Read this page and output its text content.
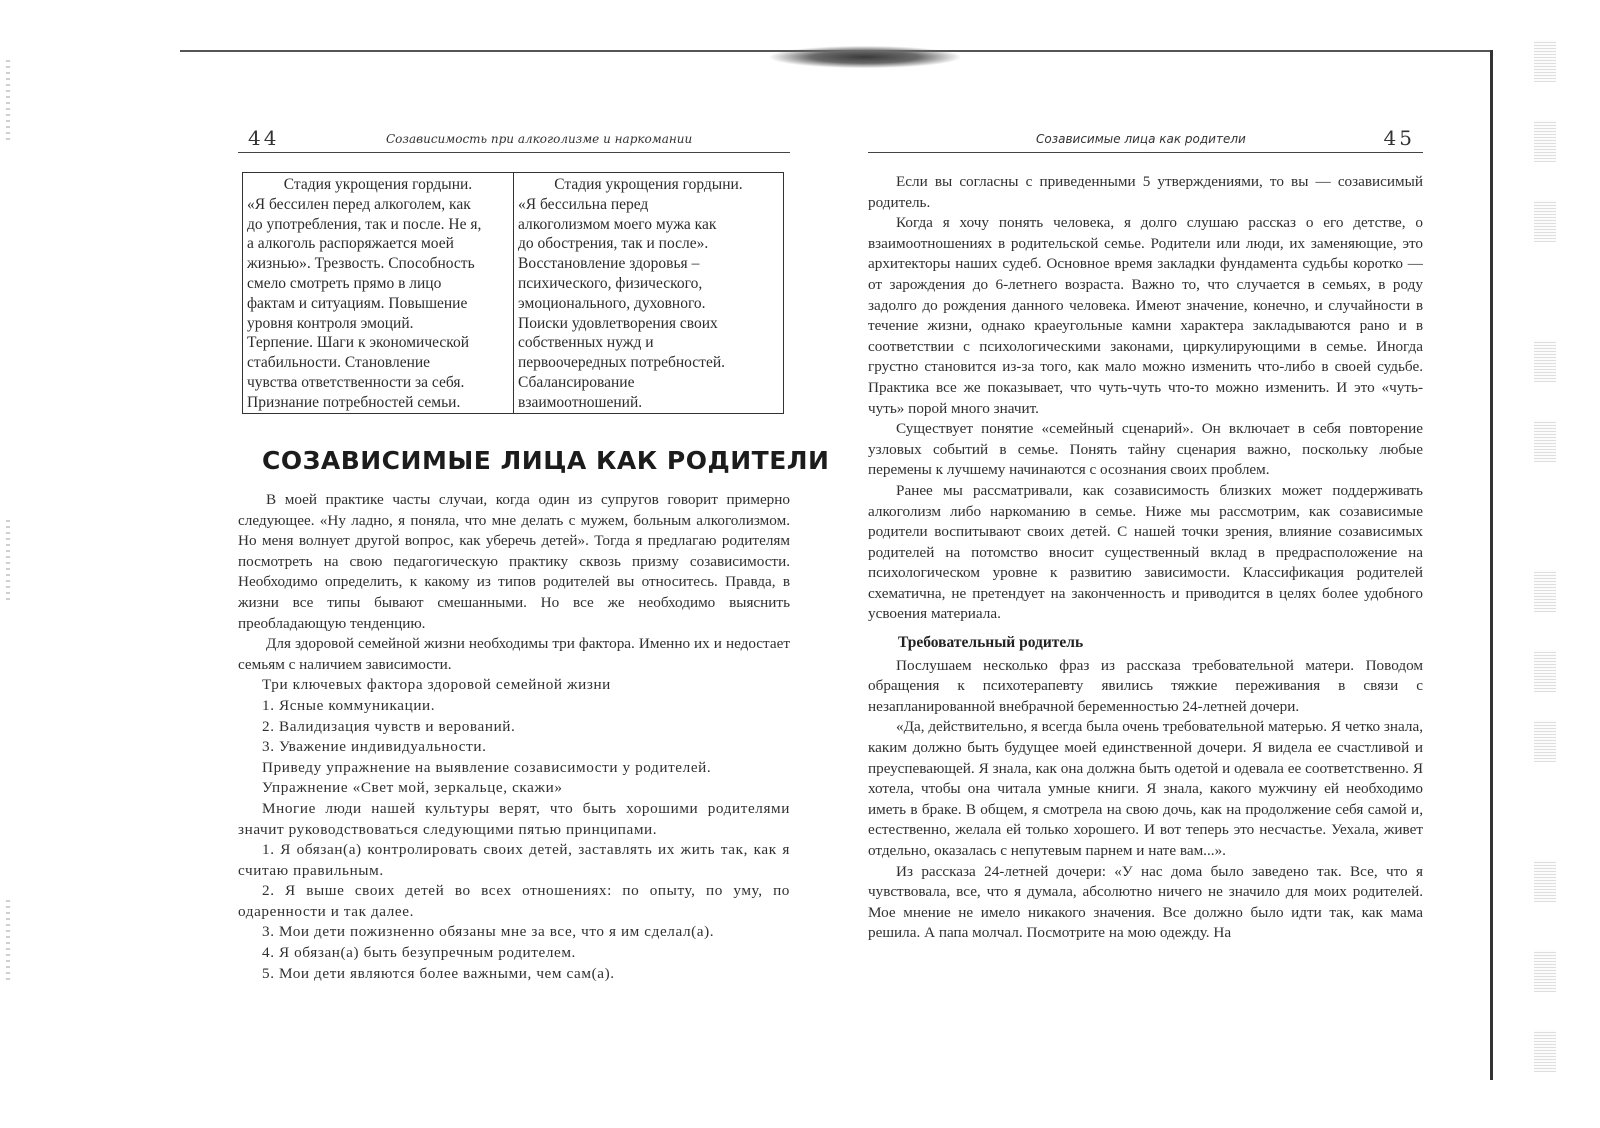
44	Созависимость при алкоголизме и наркомании
Стадия укрощения гордыни.
«Я бессилен перед алкоголем, как
до употребления, так и после. Не я,
а алкоголь распоряжается моей
жизнью». Трезвость. Способность
смело смотреть прямо в лицо
фактам и ситуациям. Повышение
уровня контроля эмоций.
Терпение. Шаги к экономической
стабильности. Становление
чувства ответственности за себя.
Признание потребностей семьи.
Стадия укрощения гордыни.
«Я бессильна перед
алкоголизмом моего мужа как
до обострения, так и после».
Восстановление здоровья –
психического, физического,
эмоционального, духовного.
Поиски удовлетворения своих
собственных нужд и
первоочередных потребностей.
Сбалансирование
взаимоотношений.
СОЗАВИСИМЫЕ ЛИЦА КАК РОДИТЕЛИ

В моей практике часты случаи, когда один из супругов говорит примерно следующее. «Ну ладно, я поняла, что мне делать с мужем, больным алкоголизмом. Но меня волнует другой вопрос, как уберечь детей». Тогда я предлагаю родителям посмотреть на свою педагогическую практику сквозь призму созависимости. Необходимо определить, к какому из типов родителей вы относитесь. Правда, в жизни все типы бывают смешанными. Но все же необходимо выяснить преобладающую тенденцию.

Для здоровой семейной жизни необходимы три фактора. Именно их и недостает семьям с наличием зависимости.

Три ключевых фактора здоровой семейной жизни

1. Ясные коммуникации.

2. Валидизация чувств и верований.

3. Уважение индивидуальности.

Приведу упражнение на выявление созависимости у родителей.

Упражнение «Свет мой, зеркальце, скажи»

Многие люди нашей культуры верят, что быть хорошими родителями значит руководствоваться следующими пятью принципами.

1. Я обязан(а) контролировать своих детей, заставлять их жить так, как я считаю правильным.

2. Я выше своих детей во всех отношениях: по опыту, по уму, по одаренности и так далее.

3. Мои дети пожизненно обязаны мне за все, что я им сделал(а).

4. Я обязан(а) быть безупречным родителем.

5. Мои дети являются более важными, чем сам(а).

Созависимые лица как родители	45

Если вы согласны с приведенными 5 утверждениями, то вы — созависимый родитель.

Когда я хочу понять человека, я долго слушаю рассказ о его детстве, о взаимоотношениях в родительской семье. Родители или люди, их заменяющие, это архитекторы наших судеб. Основное время закладки фундамента судьбы коротко — от зарождения до 6-летнего возраста. Важно то, что случается в семьях, в роду задолго до рождения данного человека. Имеют значение, конечно, и случайности в течение жизни, однако краеугольные камни характера закладываются рано и в соответствии с психологическими законами, циркулирующими в семье. Иногда грустно становится из-за того, как мало можно изменить что-либо в своей судьбе. Практика все же показывает, что чуть-чуть что-то можно изменить. И это «чуть-чуть» порой много значит.

Существует понятие «семейный сценарий». Он включает в себя повторение узловых событий в семье. Понять тайну сценария важно, поскольку любые перемены к лучшему начинаются с осознания своих проблем.

Ранее мы рассматривали, как созависимость близких может поддерживать алкоголизм либо наркоманию в семье. Ниже мы рассмотрим, как созависимые родители воспитывают своих детей. С нашей точки зрения, влияние созависимых родителей на потомство вносит существенный вклад в предрасположение на психологическом уровне к развитию зависимости. Классификация родителей схематична, не претендует на законченность и приводится в целях более удобного усвоения материала.

Требовательный родитель

Послушаем несколько фраз из рассказа требовательной матери. Поводом обращения к психотерапевту явились тяжкие переживания в связи с незапланированной внебрачной беременностью 24-летней дочери.

«Да, действительно, я всегда была очень требовательной матерью. Я четко знала, каким должно быть будущее моей единственной дочери. Я видела ее счастливой и преуспевающей. Я знала, как она должна быть одетой и одевала ее соответственно. Я хотела, чтобы она читала умные книги. Я знала, какого мужчину ей необходимо иметь в браке. В общем, я смотрела на свою дочь, как на продолжение себя самой и, естественно, желала ей только хорошего. И вот теперь это несчастье. Уехала, живет отдельно, оказалась с непутевым парнем и нате вам...».

Из рассказа 24-летней дочери: «У нас дома было заведено так. Все, что я чувствовала, все, что я думала, абсолютно ничего не значило для моих родителей. Мое мнение не имело никакого значения. Все должно было идти так, как мама решила. А папа молчал. Посмотрите на мою одежду. На
